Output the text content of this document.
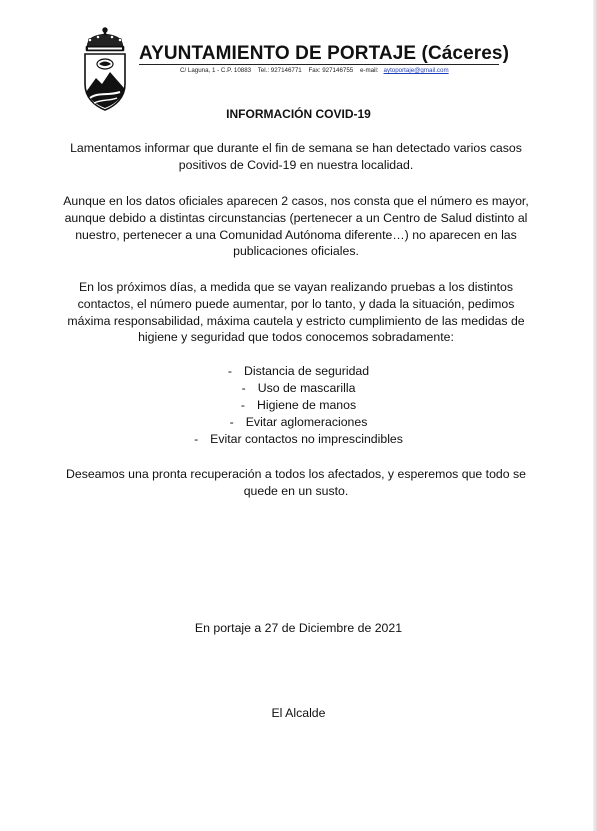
AYUNTAMIENTO DE PORTAJE (Cáceres)
C/ Laguna, 1 - C.P. 10883 Tel.: 927146771 Fax: 927146755 e-mail: aytoportaje@gmail.com
INFORMACIÓN COVID-19
Lamentamos informar que durante el fin de semana se han detectado varios casos positivos de Covid-19 en nuestra localidad.
Aunque en los datos oficiales aparecen 2 casos, nos consta que el número es mayor, aunque debido a distintas circunstancias (pertenecer a un Centro de Salud distinto al nuestro, pertenecer a una Comunidad Autónoma diferente…) no aparecen en las publicaciones oficiales.
En los próximos días, a medida que se vayan realizando pruebas a los distintos contactos, el número puede aumentar, por lo tanto, y dada la situación, pedimos máxima responsabilidad, máxima cautela y estricto cumplimiento de las medidas de higiene y seguridad que todos conocemos sobradamente:
- Distancia de seguridad
- Uso de mascarilla
- Higiene de manos
- Evitar aglomeraciones
- Evitar contactos no imprescindibles
Deseamos una pronta recuperación a todos los afectados, y esperemos que todo se quede en un susto.
En portaje a 27 de Diciembre de 2021
El Alcalde
